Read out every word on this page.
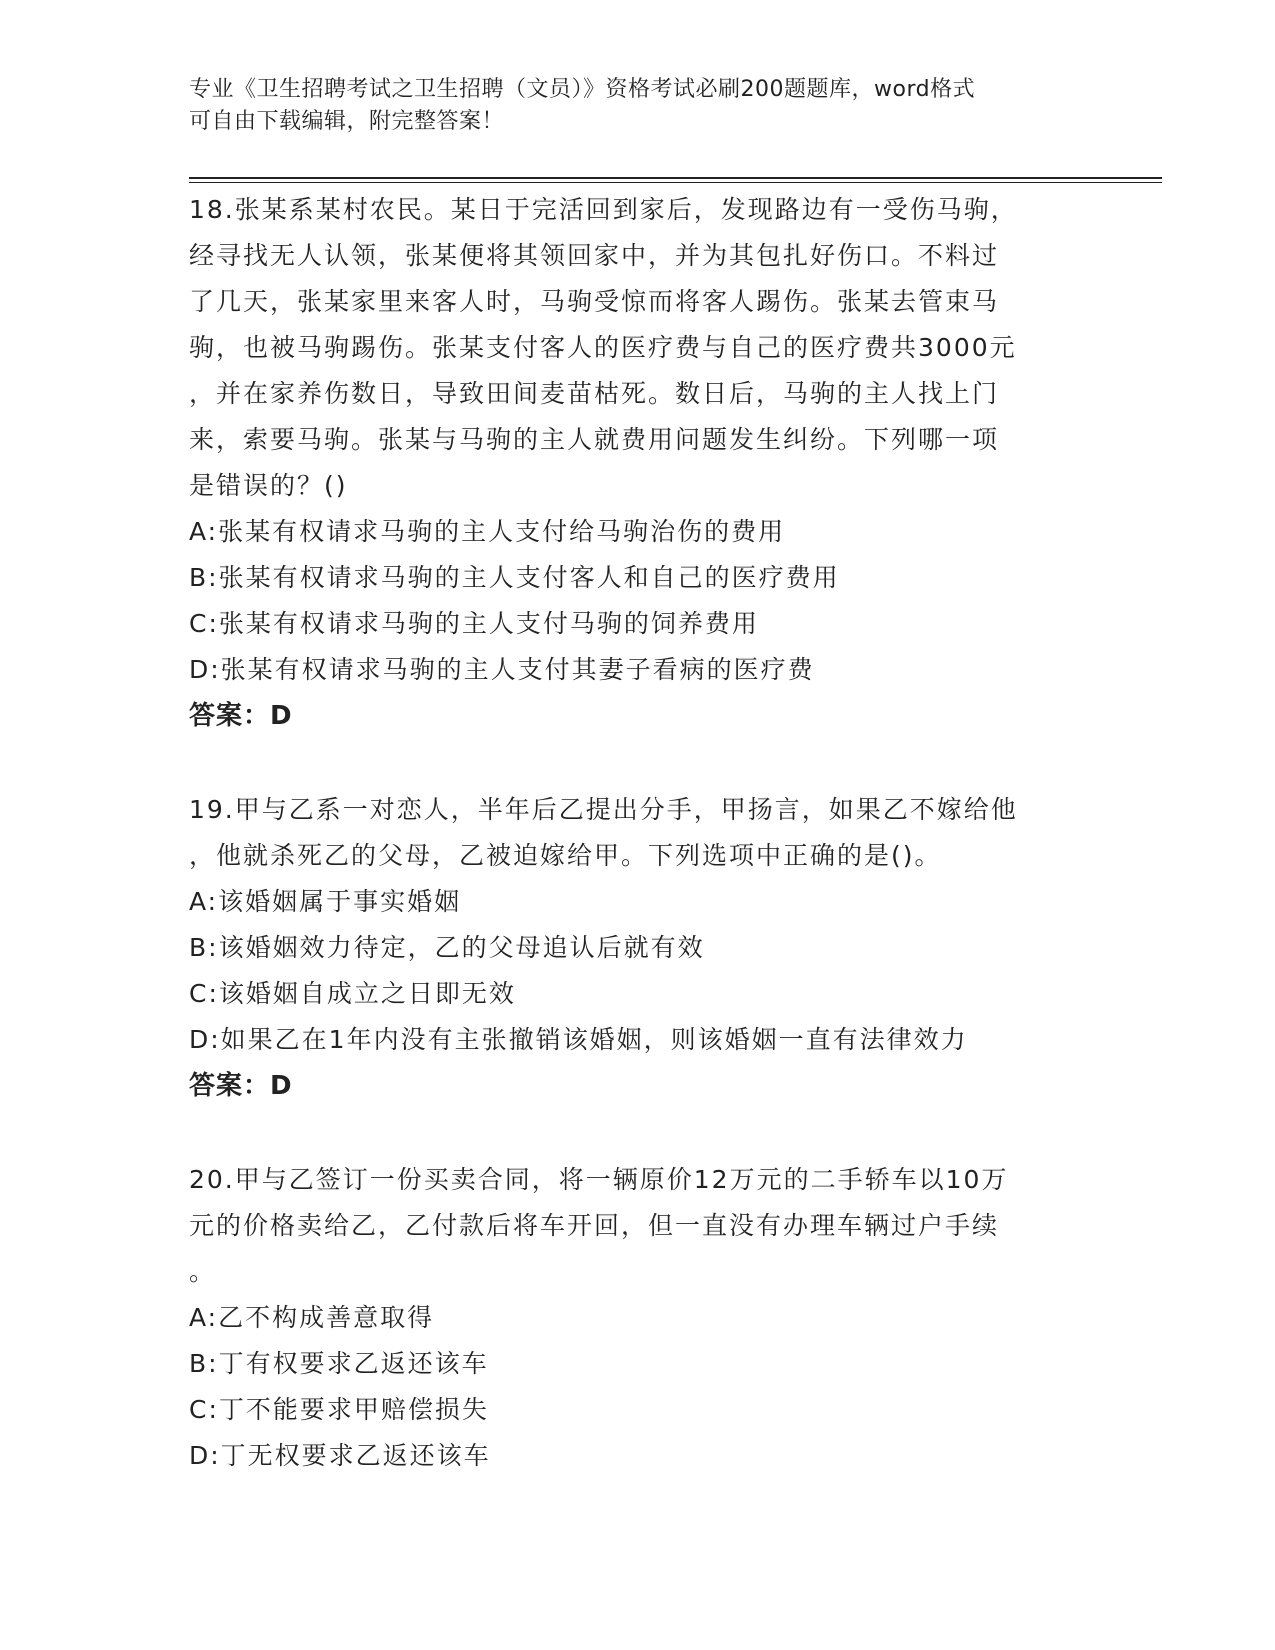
专业《卫生招聘考试之卫生招聘（文员）》资格考试必刷200题题库，word格式
可自由下载编辑，附完整答案！
18.张某系某村农民。某日于完活回到家后，发现路边有一受伤马驹，
经寻找无人认领，张某便将其领回家中，并为其包扎好伤口。不料过
了几天，张某家里来客人时，马驹受惊而将客人踢伤。张某去管束马
驹，也被马驹踢伤。张某支付客人的医疗费与自己的医疗费共3000元
，并在家养伤数日，导致田间麦苗枯死。数日后，马驹的主人找上门
来，索要马驹。张某与马驹的主人就费用问题发生纠纷。下列哪一项
是错误的？()
A:张某有权请求马驹的主人支付给马驹治伤的费用
B:张某有权请求马驹的主人支付客人和自己的医疗费用
C:张某有权请求马驹的主人支付马驹的饲养费用
D:张某有权请求马驹的主人支付其妻子看病的医疗费
答案：D
19.甲与乙系一对恋人，半年后乙提出分手，甲扬言，如果乙不嫁给他
，他就杀死乙的父母，乙被迫嫁给甲。下列选项中正确的是()。
A:该婚姻属于事实婚姻
B:该婚姻效力待定，乙的父母追认后就有效
C:该婚姻自成立之日即无效
D:如果乙在1年内没有主张撤销该婚姻，则该婚姻一直有法律效力
答案：D
20.甲与乙签订一份买卖合同，将一辆原价12万元的二手轿车以10万
元的价格卖给乙，乙付款后将车开回，但一直没有办理车辆过户手续
。
A:乙不构成善意取得
B:丁有权要求乙返还该车
C:丁不能要求甲赔偿损失
D:丁无权要求乙返还该车
